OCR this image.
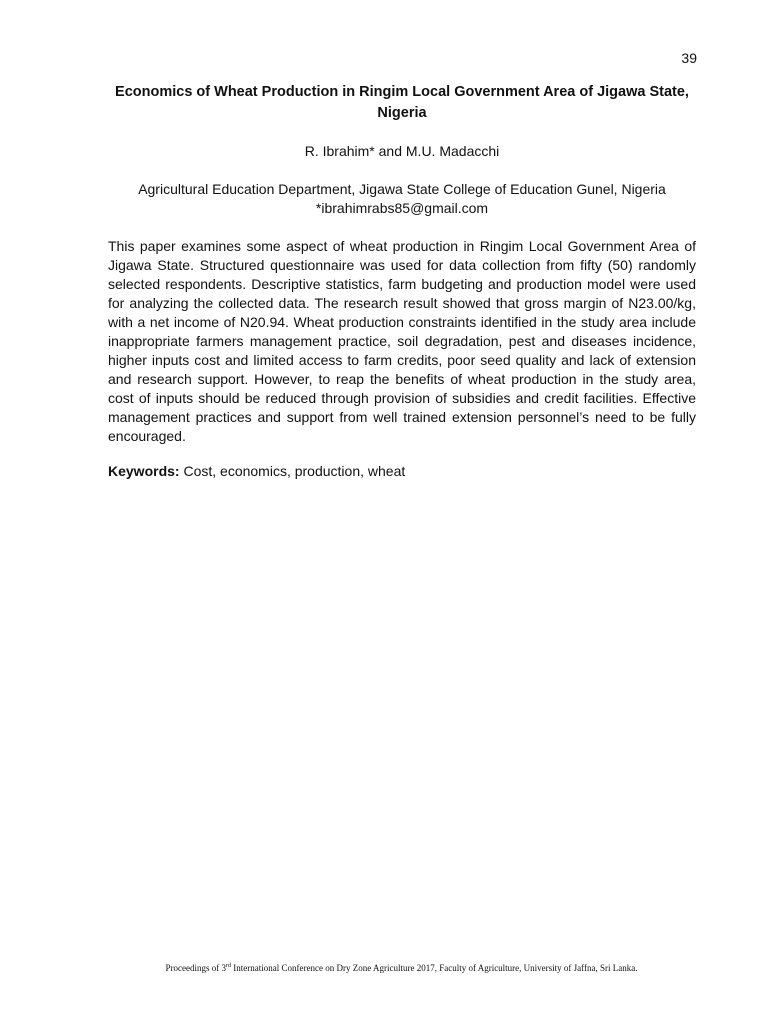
39
Economics of Wheat Production in Ringim Local Government Area of Jigawa State, Nigeria
R. Ibrahim* and M.U. Madacchi
Agricultural Education Department, Jigawa State College of Education Gunel, Nigeria
*ibrahimrabs85@gmail.com

This paper examines some aspect of wheat production in Ringim Local Government Area of Jigawa State. Structured questionnaire was used for data collection from fifty (50) randomly selected respondents. Descriptive statistics, farm budgeting and production model were used for analyzing the collected data. The research result showed that gross margin of N23.00/kg, with a net income of N20.94. Wheat production constraints identified in the study area include inappropriate farmers management practice, soil degradation, pest and diseases incidence, higher inputs cost and limited access to farm credits, poor seed quality and lack of extension and research support. However, to reap the benefits of wheat production in the study area, cost of inputs should be reduced through provision of subsidies and credit facilities. Effective management practices and support from well trained extension personnel’s need to be fully encouraged.

Keywords: Cost, economics, production, wheat
Proceedings of 3rd International Conference on Dry Zone Agriculture 2017, Faculty of Agriculture, University of Jaffna, Sri Lanka.
